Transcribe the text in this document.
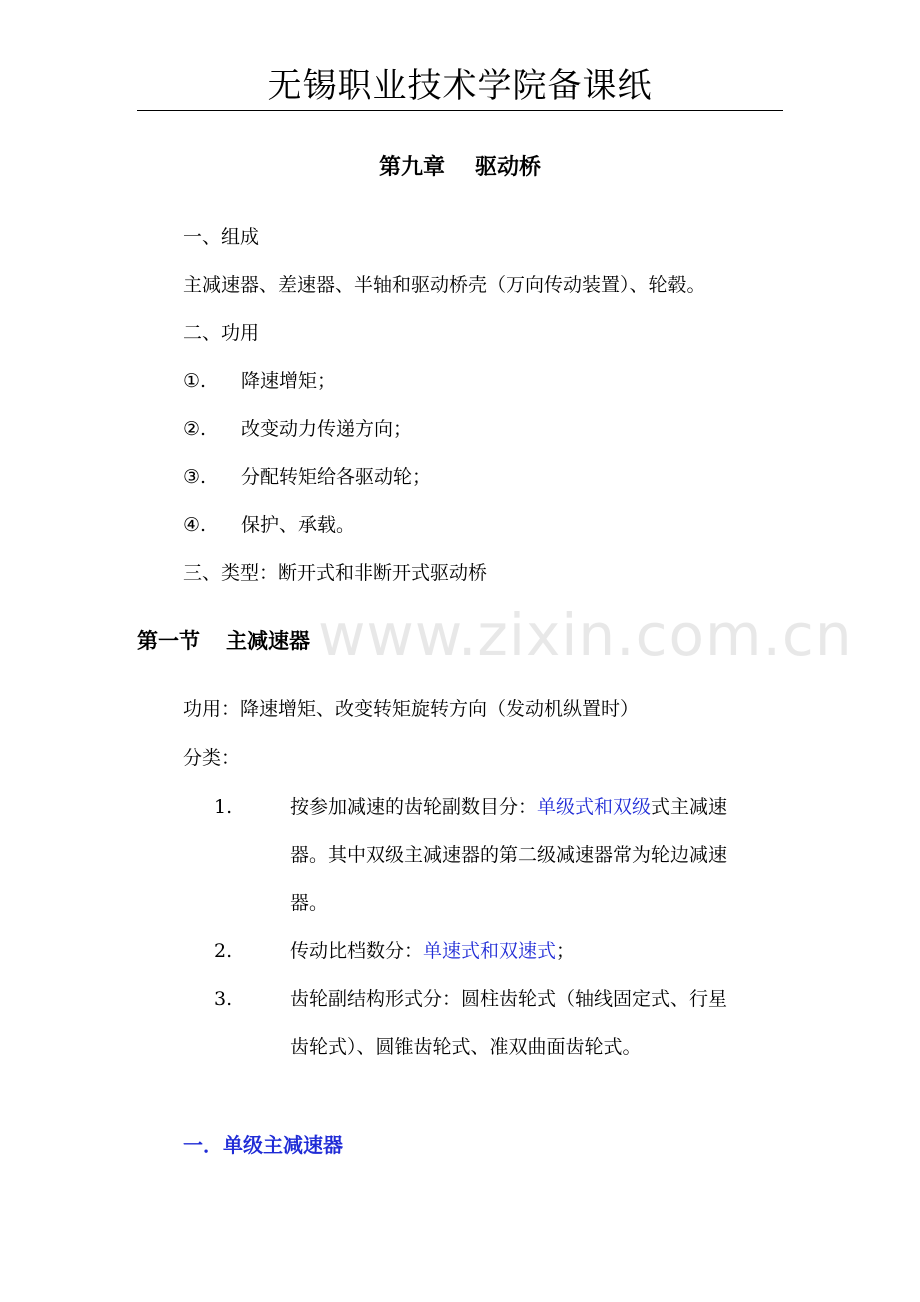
无锡职业技术学院备课纸
第九章 驱动桥
一、组成
主减速器、差速器、半轴和驱动桥壳（万向传动装置）、轮毂。
二、功用
①. 降速增矩；
②. 改变动力传递方向；
③. 分配转矩给各驱动轮；
④. 保护、承载。
三、类型：断开式和非断开式驱动桥
www.zixin.com.cn
第一节 主减速器
功用：降速增矩、改变转矩旋转方向（发动机纵置时）
分类：
1.	按参加减速的齿轮副数目分：单级式和双级式主减速
器。其中双级主减速器的第二级减速器常为轮边减速
器。
2.	传动比档数分：单速式和双速式；
3.	齿轮副结构形式分：圆柱齿轮式（轴线固定式、行星
齿轮式）、圆锥齿轮式、准双曲面齿轮式。
一．单级主减速器
